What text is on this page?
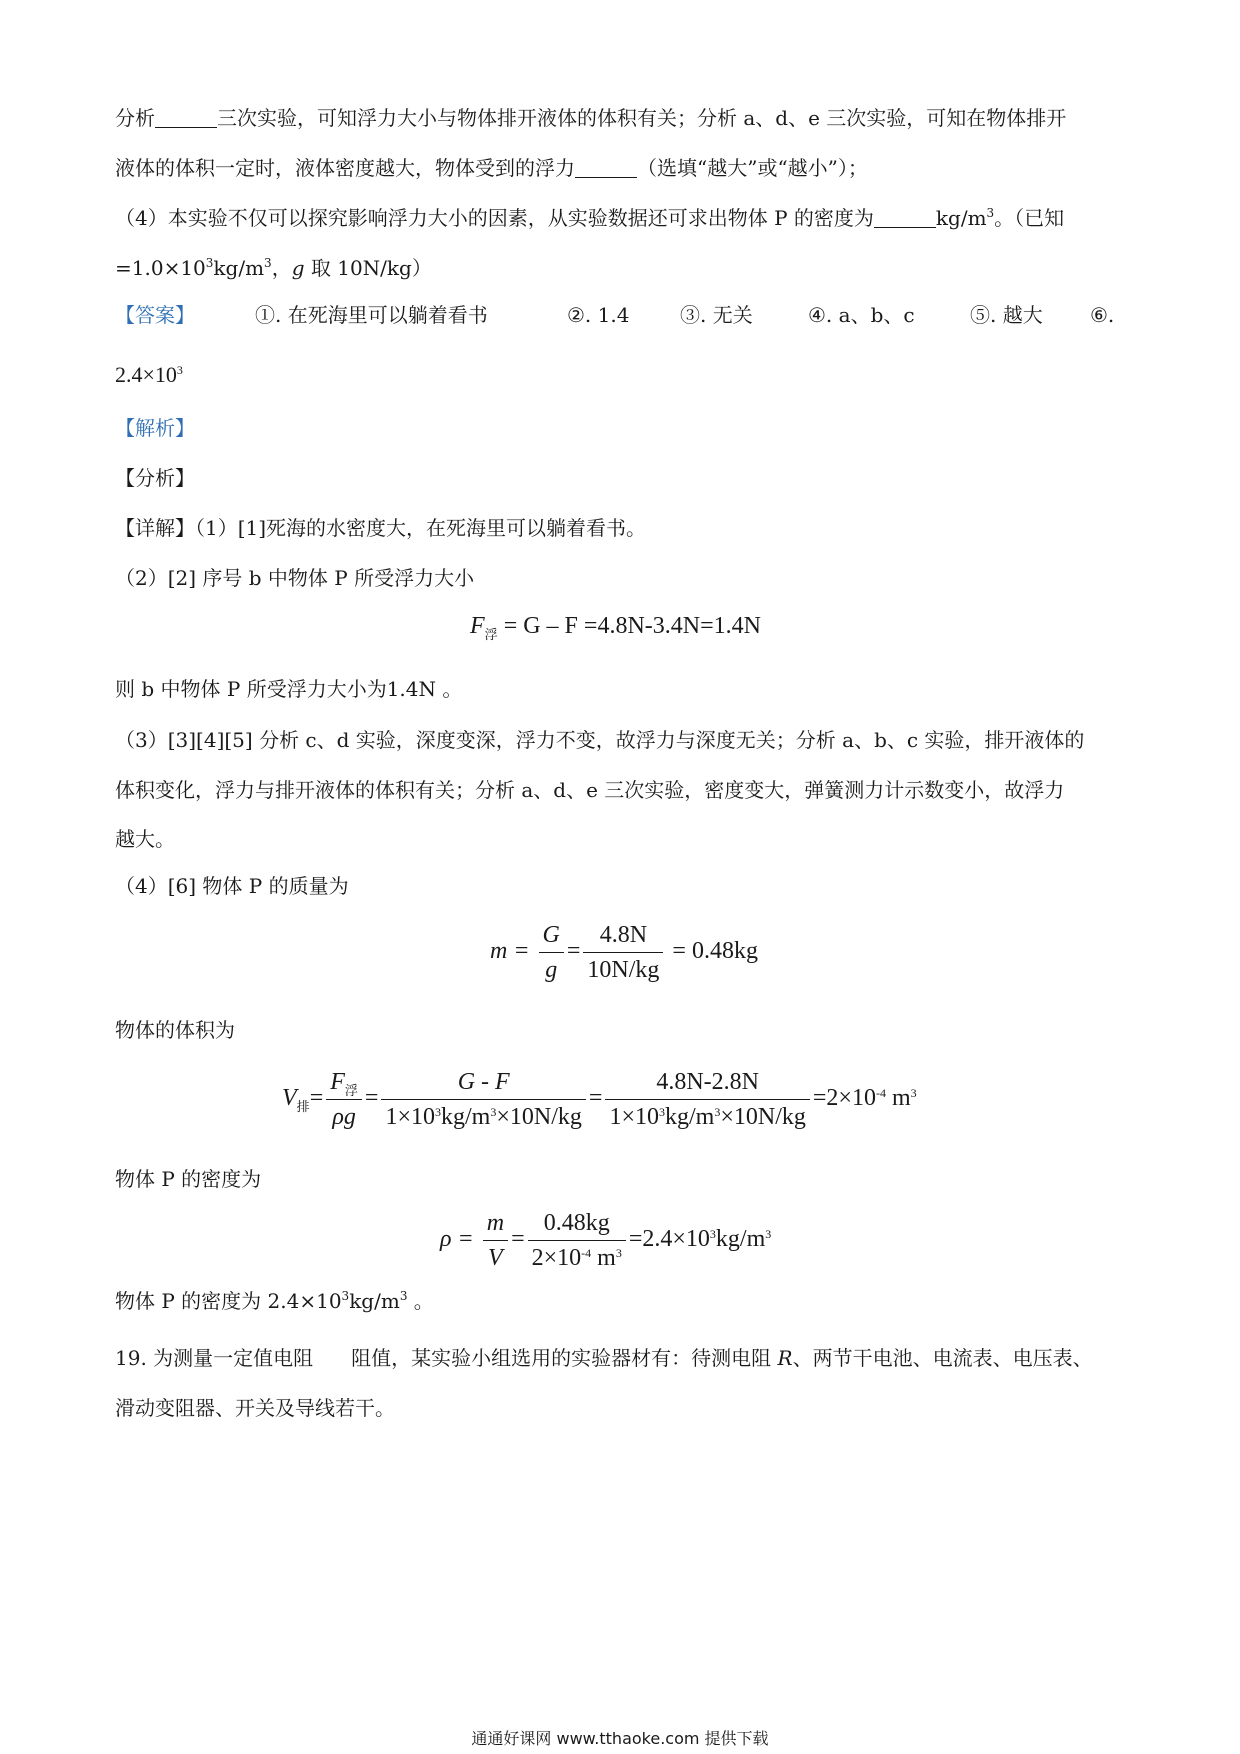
分析	三次实验，可知浮力大小与物体排开液体的体积有关；分析 a、d、e 三次实验，可知在物体排开
液体的体积一定时，液体密度越大，物体受到的浮力	（选填“越大”或“越小”）；
（4）本实验不仅可以探究影响浮力大小的因素，从实验数据还可求出物体 P 的密度为	$kg/m^3$。（已知
$=1.0\times 10^3kg/m^3$，g 取 10N/kg）
【答案】	①. 在死海里可以躺着看书	②. 1.4	③. 无关	④. a、b、c	⑤. 越大 ⑥.
$2.4\times 10^3$
【解析】
【分析】
【详解】（1）[1]死海的水密度大，在死海里可以躺着看书。
（2）[2] 序号 b 中物体 P 所受浮力大小
$F_浮 = G - F =4.8N-3.4N=1.4N$
则 b 中物体 P 所受浮力大小为1.4N 。
（3）[3][4][5] 分析 c、d 实验，深度变深，浮力不变，故浮力与深度无关；分析 a、b、c 实验，排开液体的
体积变化，浮力与排开液体的体积有关；分析 a、d、e 三次实验，密度变大，弹簧测力计示数变小，故浮力
越大。
（4）[6] 物体 P 的质量为
$m = \frac{G}{g} = \frac{4.8N}{10N/kg} = 0.48kg$
物体的体积为
$V_排= \frac{F_浮}{\rho g} = \frac{G - F}{1\times 10^3kg/m^3\times 10N/kg} = \frac{4.8N-2.8N}{1\times 10^3kg/m^3\times 10N/kg} =2\times 10^{-4}$ $m^3$
物体 P 的密度为
$\rho = \frac{m}{V} = \frac{0.48kg}{2\times 10^{-4} m^3} =2.4\times 10^3kg/m^3$
物体 P 的密度为 $2.4\times 10^3kg/m^3$ 。
19. 为测量一定值电阻 阻值，某实验小组选用的实验器材有：待测电阻 R、两节干电池、电流表、电压表、
滑动变阻器、开关及导线若干。
通通好课网 www.tthaoke.com 提供下载
